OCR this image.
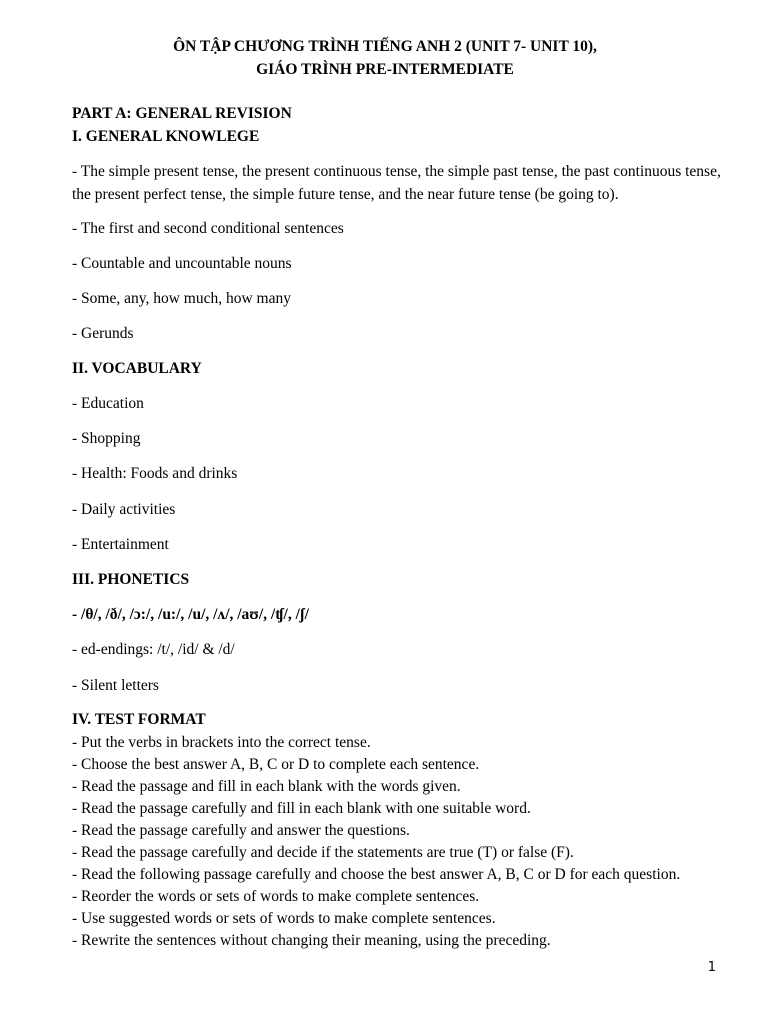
ÔN TẬP CHƯƠNG TRÌNH TIẾNG ANH 2 (UNIT 7- UNIT 10),
GIÁO TRÌNH PRE-INTERMEDIATE
PART A: GENERAL REVISION
I. GENERAL KNOWLEGE
- The simple present tense, the present continuous tense, the simple past tense, the past continuous tense, the present perfect tense, the simple future tense, and the near future tense (be going to).
- The first and second conditional sentences
- Countable and uncountable nouns
- Some, any, how much, how many
- Gerunds
II. VOCABULARY
- Education
- Shopping
- Health: Foods and drinks
- Daily activities
- Entertainment
III. PHONETICS
- /θ/, /ð/, /ɔ:/, /u:/, /u/, /ʌ/, /aʊ/, /ʧ/, /ʃ/
- ed-endings: /t/, /id/ & /d/
- Silent letters
IV. TEST FORMAT
- Put the verbs in brackets into the correct tense.
- Choose the best answer A, B, C or D to complete each sentence.
- Read the passage and fill in each blank with the words given.
- Read the passage carefully and fill in each blank with one suitable word.
- Read the passage carefully and answer the questions.
- Read the passage carefully and decide if the statements are true (T) or false (F).
- Read the following passage carefully and choose the best answer A, B, C or D for each question.
- Reorder the words or sets of words to make complete sentences.
- Use suggested words or sets of words to make complete sentences.
- Rewrite the sentences without changing their meaning, using the preceding.
1
